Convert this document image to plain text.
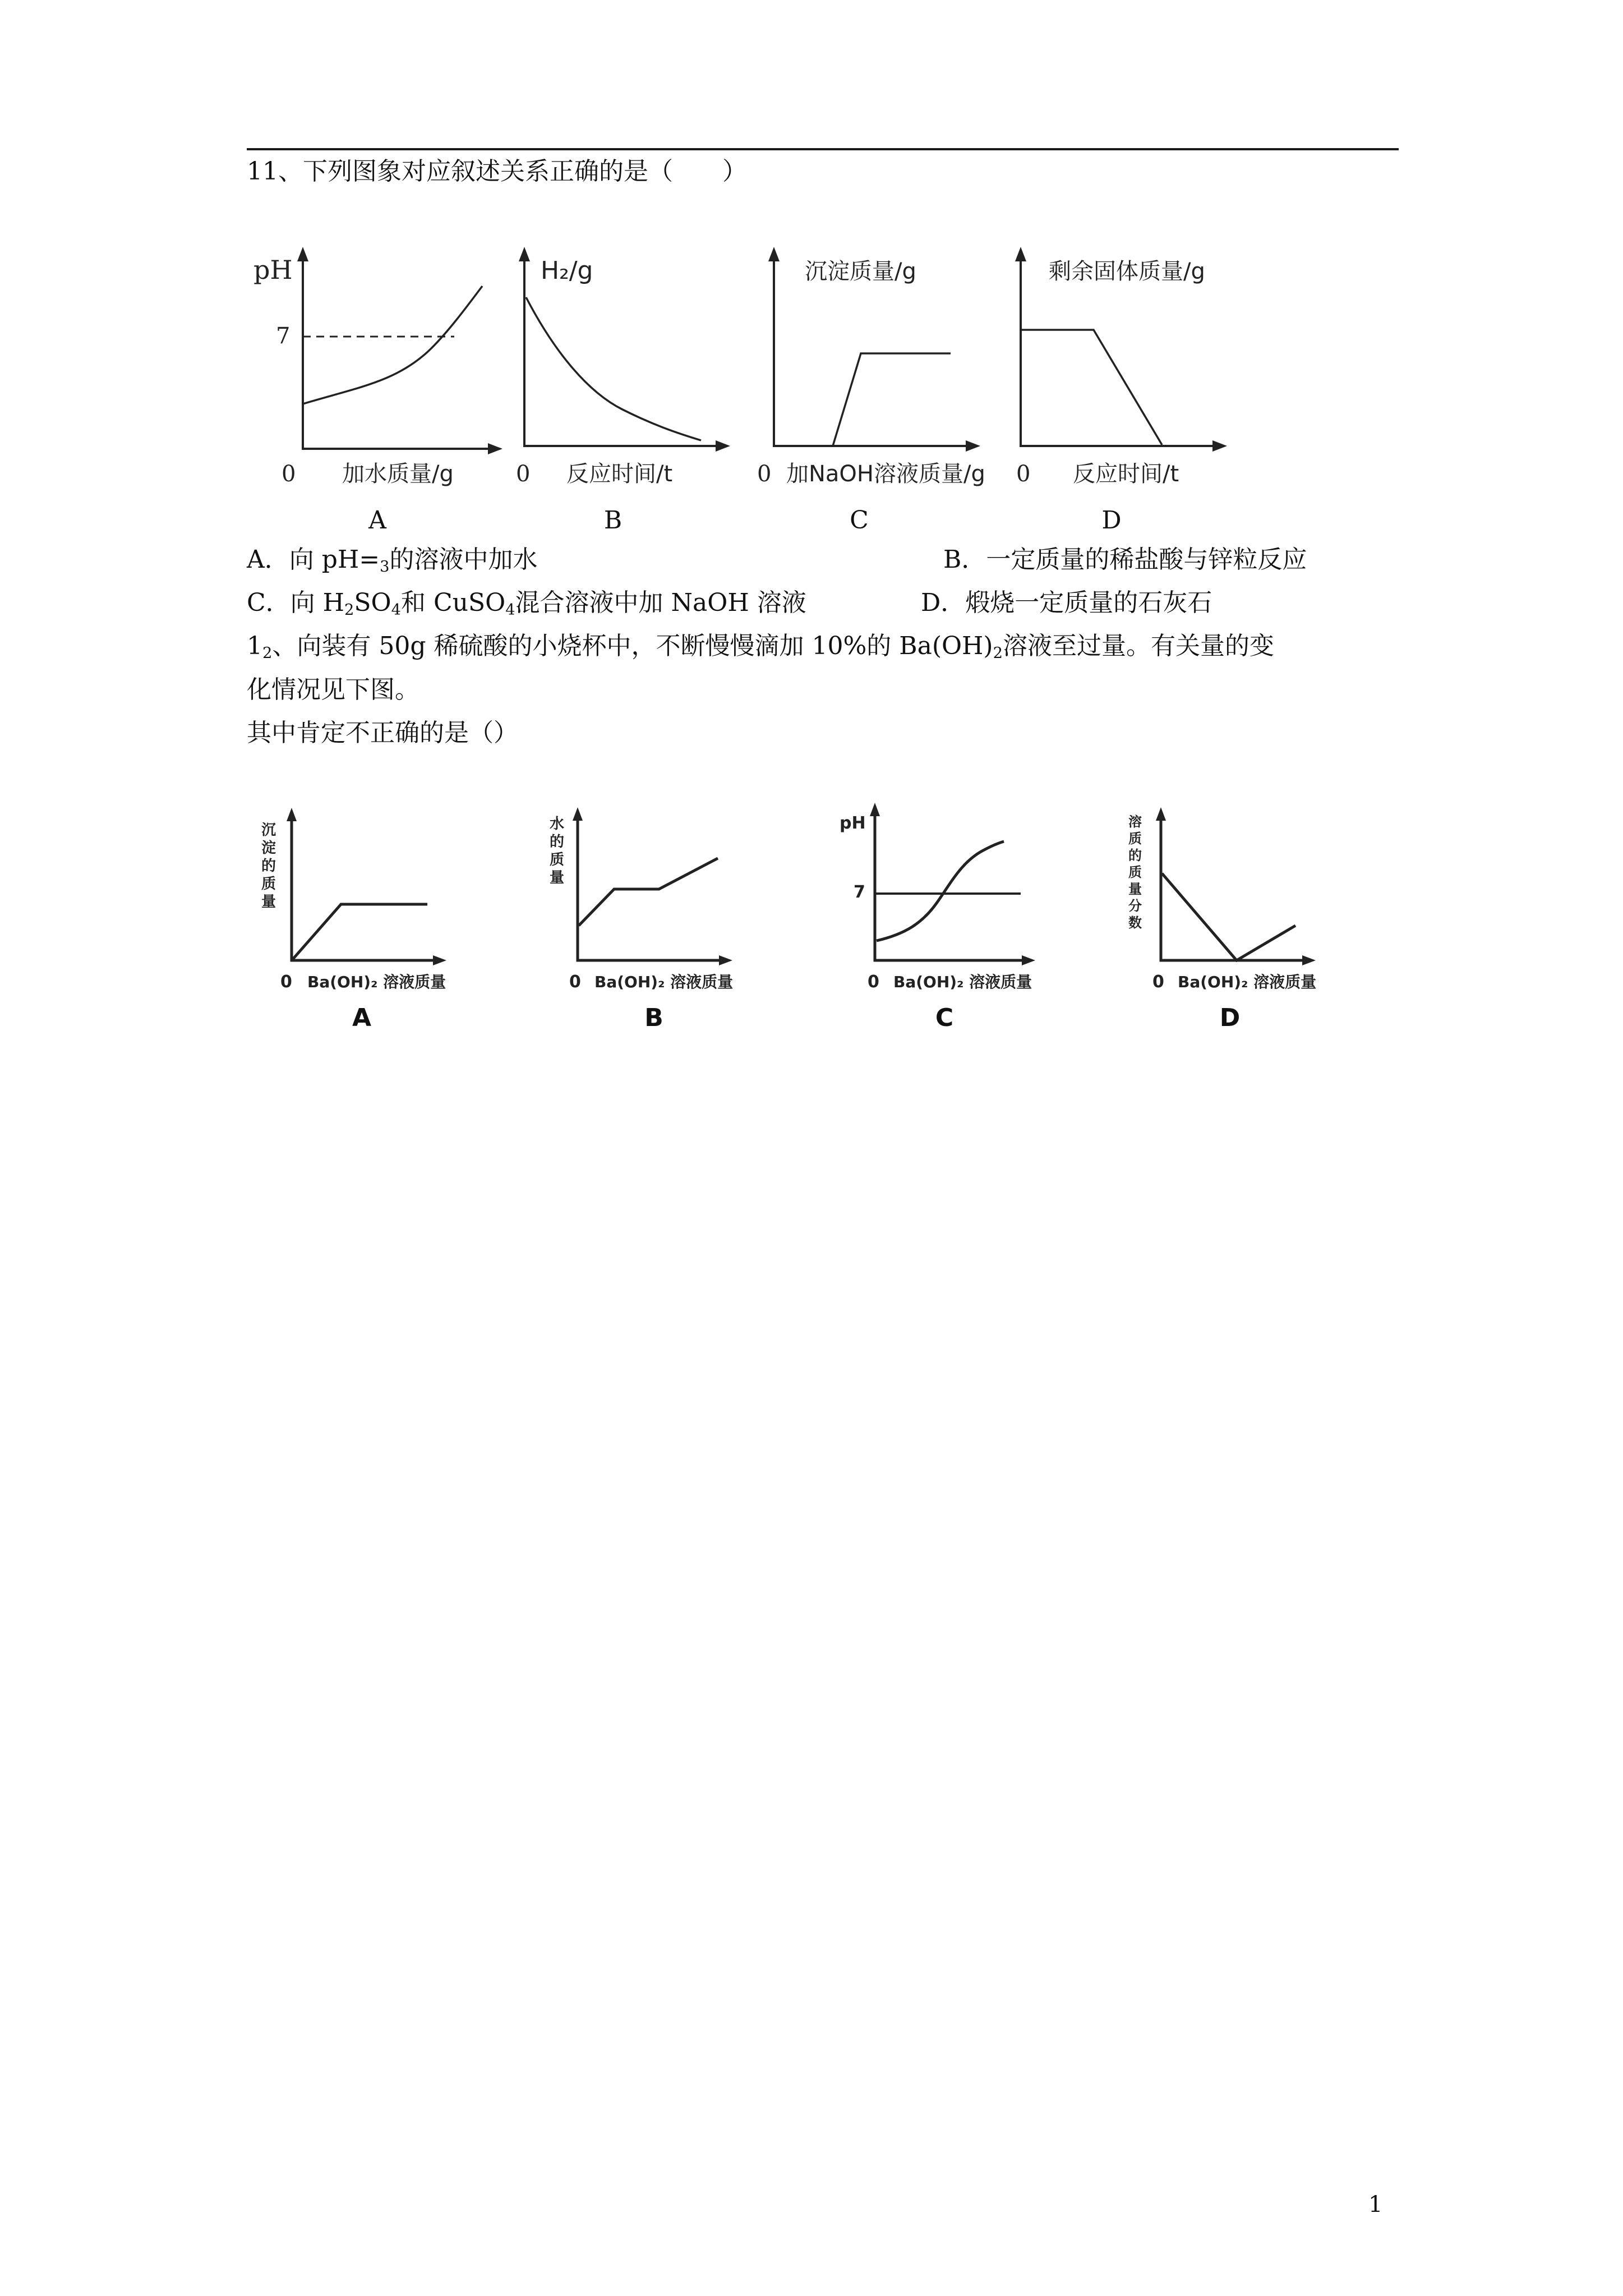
11、下列图象对应叙述关系正确的是（　　）
pH
7
0 加水质量/g
A
H₂/g
0 反应时间/t
B
沉淀质量/g
0 加NaOH溶液质量/g
C
剩余固体质量/g
0 反应时间/t
D
A．向 $pH=_3$的溶液中加水	B．一定质量的稀盐酸与锌粒反应
C．向 $H_2SO_4$和 CuSO$_4$混合溶液中加 NaOH 溶液	D．煅烧一定质量的石灰石
$1_2$、向装有 50g 稀硫酸的小烧杯中，不断慢慢滴加 10%的 $Ba(OH)_2$溶液至过量。有关量的变
化情况见下图。
其中肯定不正确的是（）
沉
淀
的
质
量
0 Ba(OH)₂ 溶液质量
A
水
的
质
量
0 Ba(OH)₂ 溶液质量
B
pH
7
0 Ba(OH)₂ 溶液质量
C
溶
质
的
质
量
分
数
0 Ba(OH)₂ 溶液质量
D
1
